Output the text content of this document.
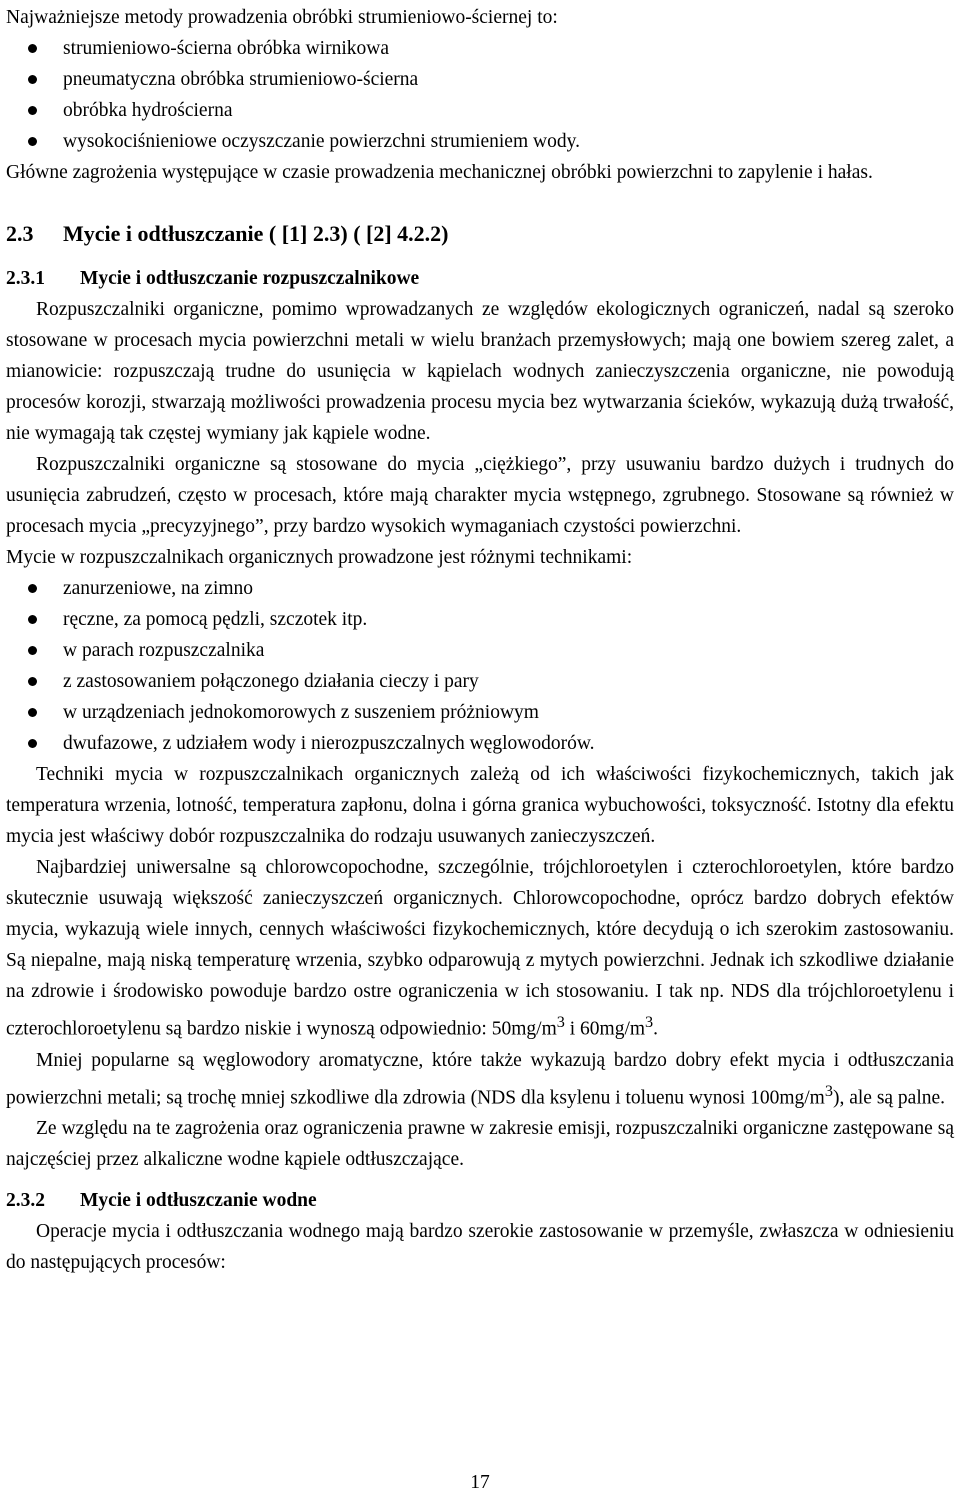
Najważniejsze metody prowadzenia obróbki strumieniowo-ściernej to:

strumieniowo-ścierna obróbka wirnikowa
pneumatyczna obróbka strumieniowo-ścierna
obróbka hydrościerna
wysokociśnieniowe oczyszczanie powierzchni strumieniem wody.

Główne zagrożenia występujące w czasie prowadzenia mechanicznej obróbki powierzchni to zapylenie i hałas.

2.3 Mycie i odtłuszczanie ( [1] 2.3) ( [2] 4.2.2)
2.3.1 Mycie i odtłuszczanie rozpuszczalnikowe

Rozpuszczalniki organiczne, pomimo wprowadzanych ze względów ekologicznych ograniczeń, nadal są szeroko stosowane w procesach mycia powierzchni metali w wielu branżach przemysłowych; mają one bowiem szereg zalet, a mianowicie: rozpuszczają trudne do usunięcia w kąpielach wodnych zanieczyszczenia organiczne, nie powodują procesów korozji, stwarzają możliwości prowadzenia procesu mycia bez wytwarzania ścieków, wykazują dużą trwałość, nie wymagają tak częstej wymiany jak kąpiele wodne.

Rozpuszczalniki organiczne są stosowane do mycia „ciężkiego”, przy usuwaniu bardzo dużych i trudnych do usunięcia zabrudzeń, często w procesach, które mają charakter mycia wstępnego, zgrubnego. Stosowane są również w procesach mycia „precyzyjnego”, przy bardzo wysokich wymaganiach czystości powierzchni.

Mycie w rozpuszczalnikach organicznych prowadzone jest różnymi technikami:

zanurzeniowe, na zimno
ręczne, za pomocą pędzli, szczotek itp.
w parach rozpuszczalnika
z zastosowaniem połączonego działania cieczy i pary
w urządzeniach jednokomorowych z suszeniem próżniowym
dwufazowe, z udziałem wody i nierozpuszczalnych węglowodorów.

Techniki mycia w rozpuszczalnikach organicznych zależą od ich właściwości fizykochemicznych, takich jak temperatura wrzenia, lotność, temperatura zapłonu, dolna i górna granica wybuchowości, toksyczność. Istotny dla efektu mycia jest właściwy dobór rozpuszczalnika do rodzaju usuwanych zanieczyszczeń.

Najbardziej uniwersalne są chlorowcopochodne, szczególnie, trójchloroetylen i czterochloroetylen, które bardzo skutecznie usuwają większość zanieczyszczeń organicznych. Chlorowcopochodne, oprócz bardzo dobrych efektów mycia, wykazują wiele innych, cennych właściwości fizykochemicznych, które decydują o ich szerokim zastosowaniu. Są niepalne, mają niską temperaturę wrzenia, szybko odparowują z mytych powierzchni. Jednak ich szkodliwe działanie na zdrowie i środowisko powoduje bardzo ostre ograniczenia w ich stosowaniu. I tak np. NDS dla trójchloroetylenu i czterochloroetylenu są bardzo niskie i wynoszą odpowiednio: $50mg/m^3$ i $60mg/m^3$.

Mniej popularne są węglowodory aromatyczne, które także wykazują bardzo dobry efekt mycia i odtłuszczania powierzchni metali; są trochę mniej szkodliwe dla zdrowia (NDS dla ksylenu i toluenu wynosi $100mg/m^3$), ale są palne.

Ze względu na te zagrożenia oraz ograniczenia prawne w zakresie emisji, rozpuszczalniki organiczne zastępowane są najczęściej przez alkaliczne wodne kąpiele odtłuszczające.

2.3.2 Mycie i odtłuszczanie wodne

Operacje mycia i odtłuszczania wodnego mają bardzo szerokie zastosowanie w przemyśle, zwłaszcza w odniesieniu do następujących procesów:

17
